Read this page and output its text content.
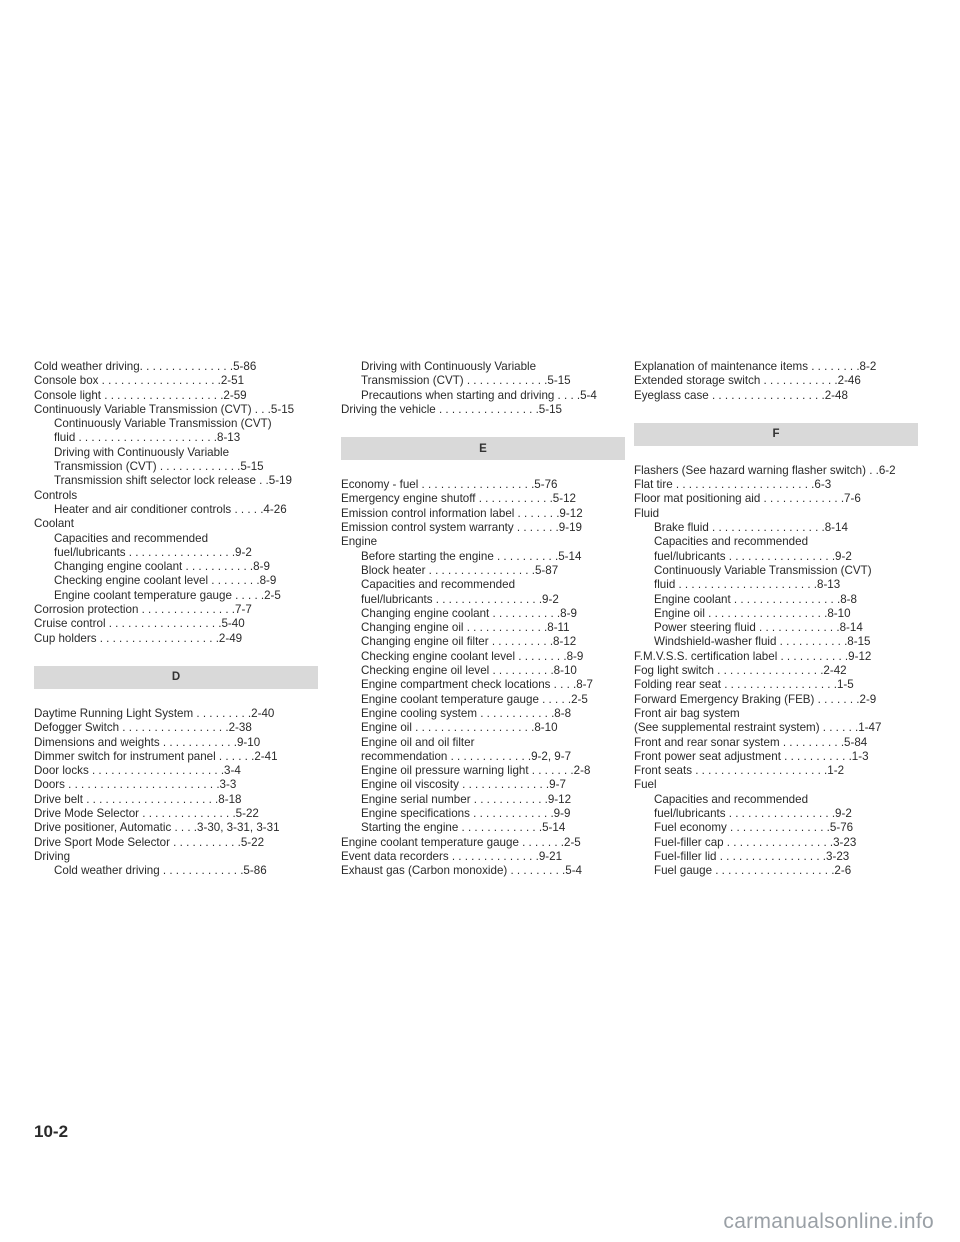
Cold weather driving. . . . . . . . . . . . . . .5-86
Console box . . . . . . . . . . . . . . . . . . .2-51
Console light . . . . . . . . . . . . . . . . . . .2-59
Continuously Variable Transmission (CVT) . . .5-15
Continuously Variable Transmission (CVT)
fluid . . . . . . . . . . . . . . . . . . . . . .8-13
Driving with Continuously Variable
Transmission (CVT) . . . . . . . . . . . . .5-15
Transmission shift selector lock release . .5-19
Controls
Heater and air conditioner controls . . . . .4-26
Coolant
Capacities and recommended
fuel/lubricants . . . . . . . . . . . . . . . . .9-2
Changing engine coolant . . . . . . . . . . .8-9
Checking engine coolant level . . . . . . . .8-9
Engine coolant temperature gauge . . . . .2-5
Corrosion protection . . . . . . . . . . . . . . .7-7
Cruise control . . . . . . . . . . . . . . . . . .5-40
Cup holders . . . . . . . . . . . . . . . . . . .2-49
D
Daytime Running Light System . . . . . . . . .2-40
Defogger Switch . . . . . . . . . . . . . . . . .2-38
Dimensions and weights . . . . . . . . . . . .9-10
Dimmer switch for instrument panel . . . . . .2-41
Door locks . . . . . . . . . . . . . . . . . . . . .3-4
Doors . . . . . . . . . . . . . . . . . . . . . . . .3-3
Drive belt . . . . . . . . . . . . . . . . . . . . .8-18
Drive Mode Selector . . . . . . . . . . . . . . .5-22
Drive positioner, Automatic . . . .3-30, 3-31, 3-31
Drive Sport Mode Selector . . . . . . . . . . .5-22
Driving
Cold weather driving . . . . . . . . . . . . .5-86
Driving with Continuously Variable
Transmission (CVT) . . . . . . . . . . . . .5-15
Precautions when starting and driving . . . .5-4
Driving the vehicle . . . . . . . . . . . . . . . .5-15
E
Economy - fuel . . . . . . . . . . . . . . . . . .5-76
Emergency engine shutoff . . . . . . . . . . . .5-12
Emission control information label . . . . . . .9-12
Emission control system warranty . . . . . . .9-19
Engine
Before starting the engine . . . . . . . . . .5-14
Block heater . . . . . . . . . . . . . . . . .5-87
Capacities and recommended
fuel/lubricants . . . . . . . . . . . . . . . . .9-2
Changing engine coolant . . . . . . . . . . .8-9
Changing engine oil . . . . . . . . . . . . .8-11
Changing engine oil filter . . . . . . . . . .8-12
Checking engine coolant level . . . . . . . .8-9
Checking engine oil level . . . . . . . . . .8-10
Engine compartment check locations . . . .8-7
Engine coolant temperature gauge . . . . .2-5
Engine cooling system . . . . . . . . . . . .8-8
Engine oil . . . . . . . . . . . . . . . . . . .8-10
Engine oil and oil filter
recommendation . . . . . . . . . . . . .9-2, 9-7
Engine oil pressure warning light . . . . . . .2-8
Engine oil viscosity . . . . . . . . . . . . . .9-7
Engine serial number . . . . . . . . . . . .9-12
Engine specifications . . . . . . . . . . . . .9-9
Starting the engine . . . . . . . . . . . . .5-14
Engine coolant temperature gauge . . . . . . .2-5
Event data recorders . . . . . . . . . . . . . .9-21
Exhaust gas (Carbon monoxide) . . . . . . . . .5-4
Explanation of maintenance items . . . . . . . .8-2
Extended storage switch . . . . . . . . . . . .2-46
Eyeglass case . . . . . . . . . . . . . . . . . .2-48
F
Flashers (See hazard warning flasher switch) . .6-2
Flat tire . . . . . . . . . . . . . . . . . . . . . .6-3
Floor mat positioning aid . . . . . . . . . . . . .7-6
Fluid
Brake fluid . . . . . . . . . . . . . . . . . .8-14
Capacities and recommended
fuel/lubricants . . . . . . . . . . . . . . . . .9-2
Continuously Variable Transmission (CVT)
fluid . . . . . . . . . . . . . . . . . . . . . .8-13
Engine coolant . . . . . . . . . . . . . . . . .8-8
Engine oil . . . . . . . . . . . . . . . . . . .8-10
Power steering fluid . . . . . . . . . . . . .8-14
Windshield-washer fluid . . . . . . . . . . .8-15
F.M.V.S.S. certification label . . . . . . . . . . .9-12
Fog light switch . . . . . . . . . . . . . . . . .2-42
Folding rear seat . . . . . . . . . . . . . . . . . .1-5
Forward Emergency Braking (FEB) . . . . . . .2-9
Front air bag system
(See supplemental restraint system) . . . . . .1-47
Front and rear sonar system . . . . . . . . . .5-84
Front power seat adjustment . . . . . . . . . . .1-3
Front seats . . . . . . . . . . . . . . . . . . . . .1-2
Fuel
Capacities and recommended
fuel/lubricants . . . . . . . . . . . . . . . . .9-2
Fuel economy . . . . . . . . . . . . . . . .5-76
Fuel-filler cap . . . . . . . . . . . . . . . . .3-23
Fuel-filler lid . . . . . . . . . . . . . . . . .3-23
Fuel gauge . . . . . . . . . . . . . . . . . . .2-6
10-2
carmanualsonline.info
